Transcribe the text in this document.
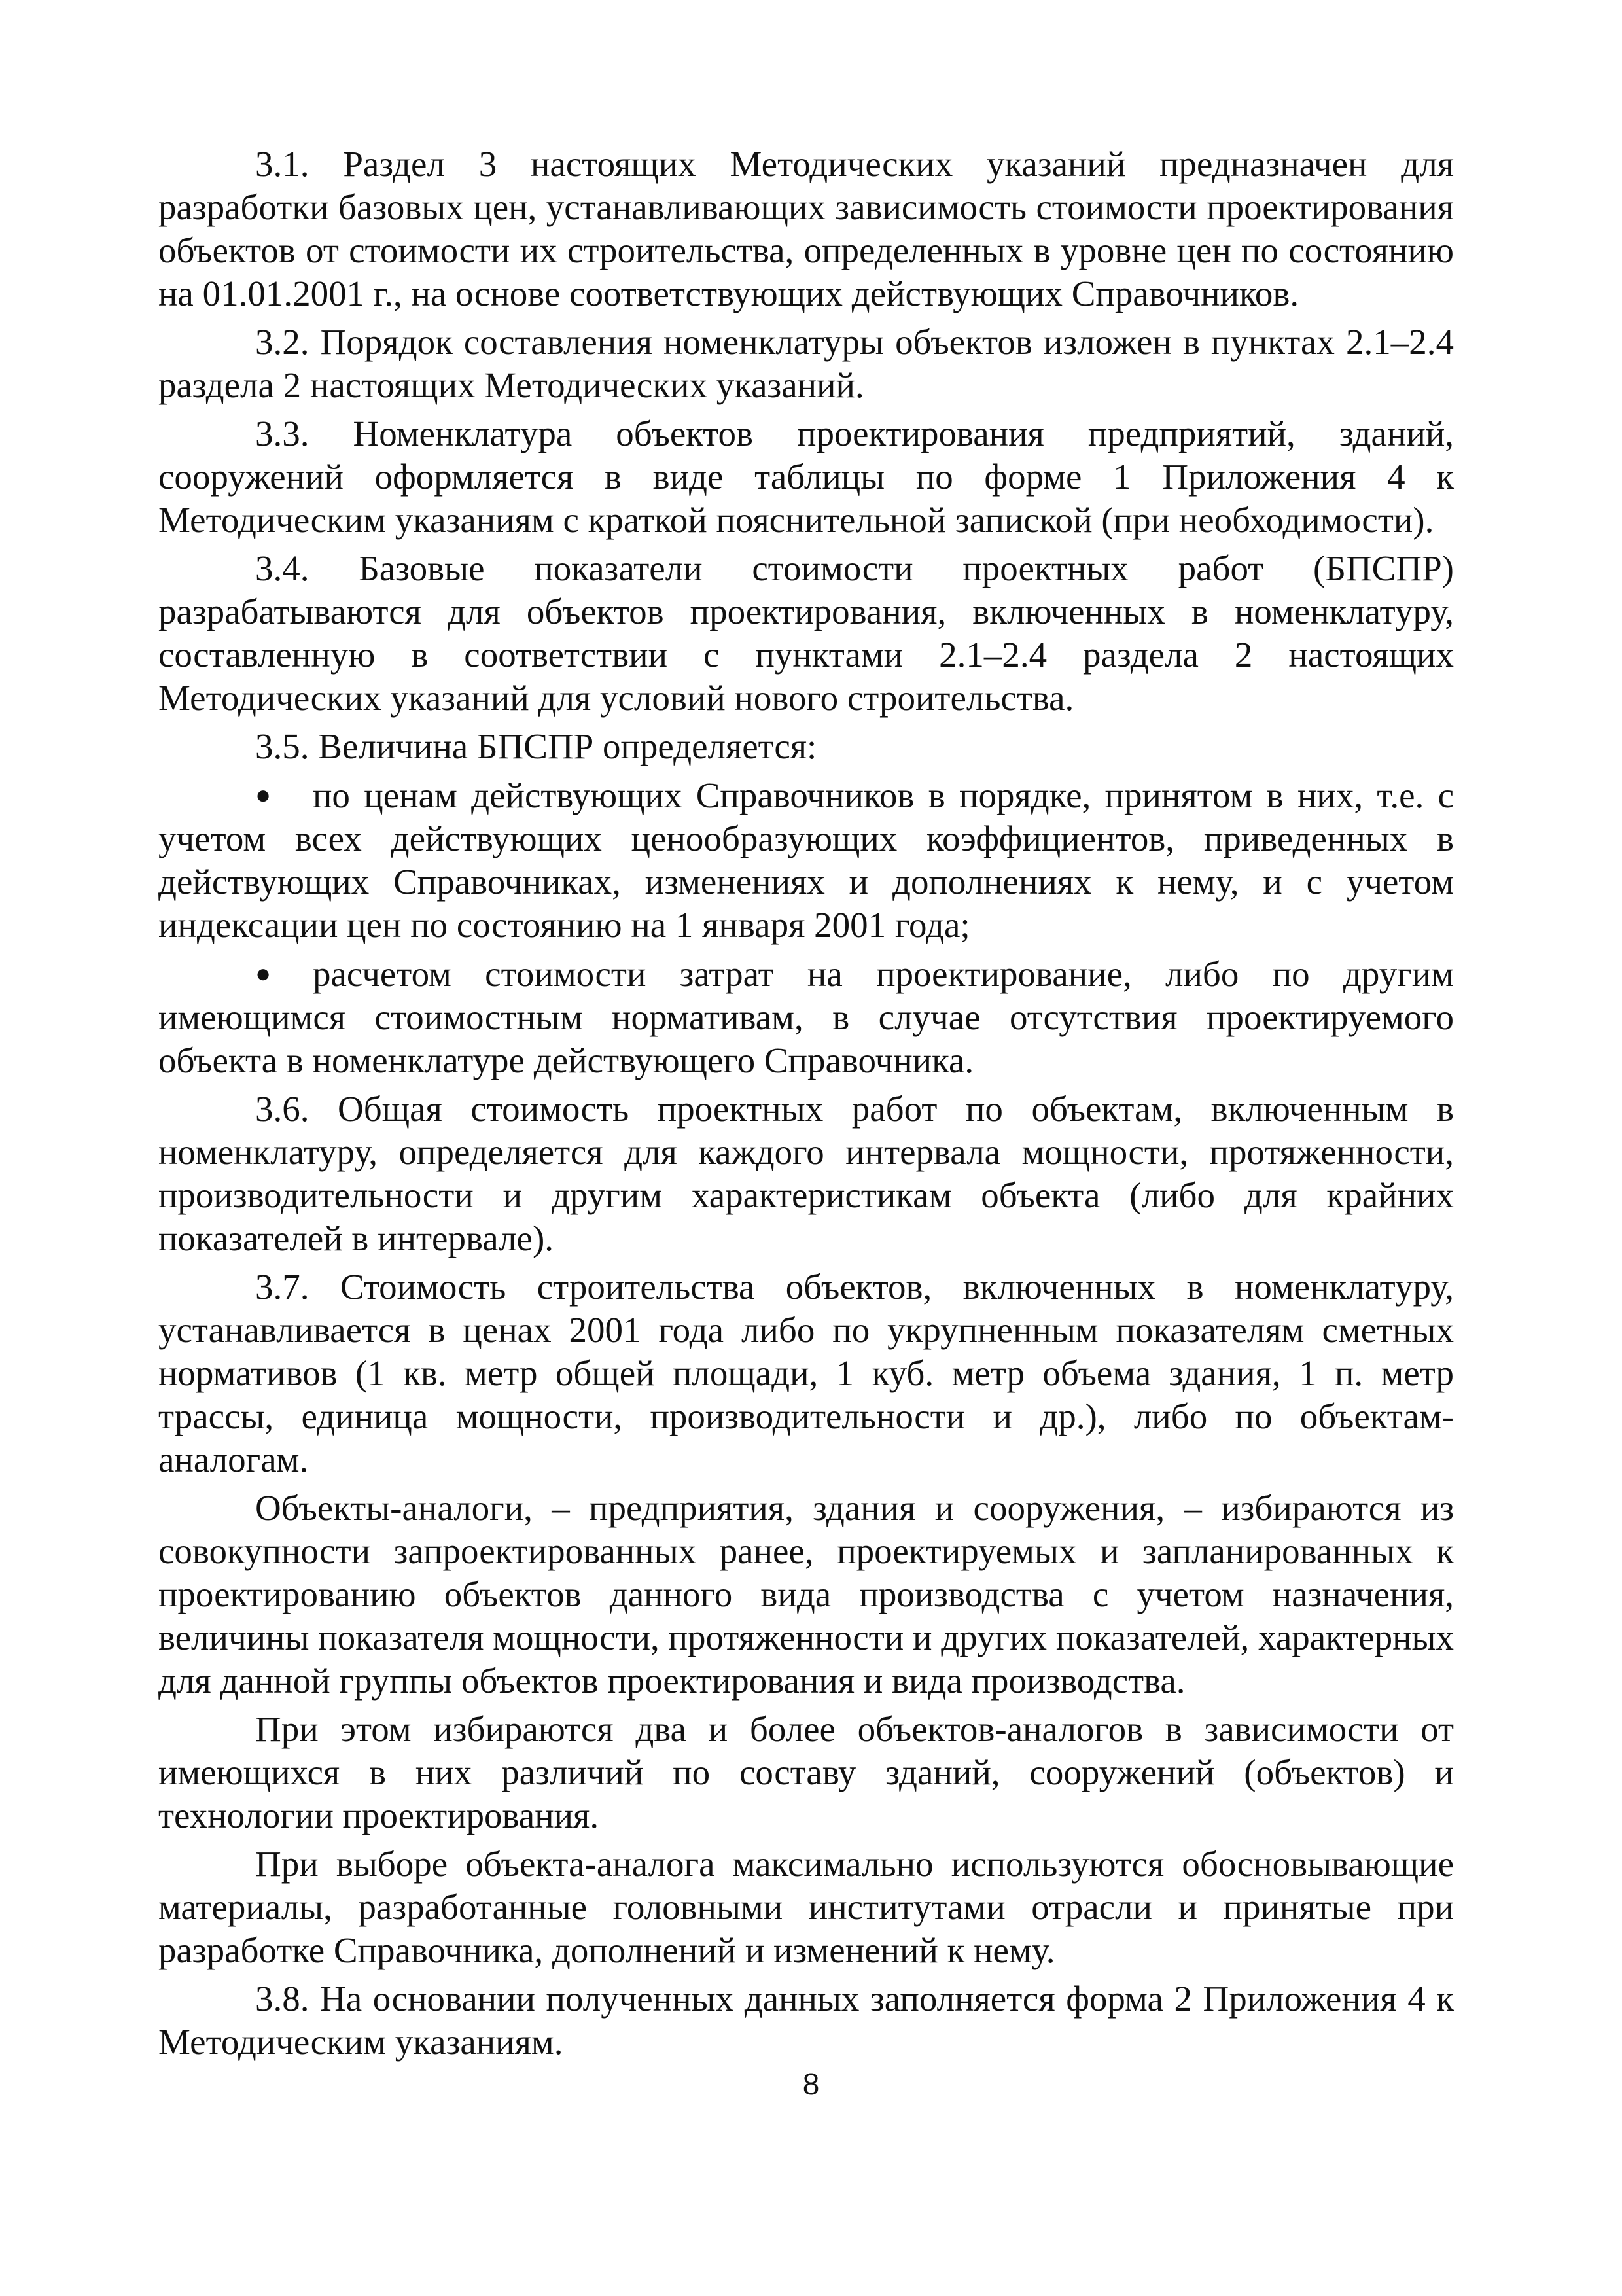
3.1. Раздел 3 настоящих Методических указаний предназначен для разработки базовых цен, устанавливающих зависимость стоимости проектирования объектов от стоимости их строительства, определенных в уровне цен по состоянию на 01.01.2001 г., на основе соответствующих действующих Справочников.

3.2. Порядок составления номенклатуры объектов изложен в пунктах 2.1–2.4 раздела 2 настоящих Методических указаний.

3.3. Номенклатура объектов проектирования предприятий, зданий, сооружений оформляется в виде таблицы по форме 1 Приложения 4 к Методическим указаниям с краткой пояснительной запиской (при необходимости).

3.4. Базовые показатели стоимости проектных работ (БПСПР) разрабатываются для объектов проектирования, включенных в номенклатуру, составленную в соответствии с пунктами 2.1–2.4 раздела 2 настоящих Методических указаний для условий нового строительства.

3.5. Величина БПСПР определяется:

● по ценам действующих Справочников в порядке, принятом в них, т.е. с учетом всех действующих ценообразующих коэффициентов, приведенных в действующих Справочниках, изменениях и дополнениях к нему, и с учетом индексации цен по состоянию на 1 января 2001 года;

● расчетом стоимости затрат на проектирование, либо по другим имеющимся стоимостным нормативам, в случае отсутствия проектируемого объекта в номенклатуре действующего Справочника.

3.6. Общая стоимость проектных работ по объектам, включенным в номенклатуру, определяется для каждого интервала мощности, протяженности, производительности и другим характеристикам объекта (либо для крайних показателей в интервале).

3.7. Стоимость строительства объектов, включенных в номенклатуру, устанавливается в ценах 2001 года либо по укрупненным показателям сметных нормативов (1 кв. метр общей площади, 1 куб. метр объема здания, 1 п. метр трассы, единица мощности, производительности и др.), либо по объектам-аналогам.

Объекты-аналоги, – предприятия, здания и сооружения, – избираются из совокупности запроектированных ранее, проектируемых и запланированных к проектированию объектов данного вида производства с учетом назначения, величины показателя мощности, протяженности и других показателей, характерных для данной группы объектов проектирования и вида производства.

При этом избираются два и более объектов-аналогов в зависимости от имеющихся в них различий по составу зданий, сооружений (объектов) и технологии проектирования.

При выборе объекта-аналога максимально используются обосновывающие материалы, разработанные головными институтами отрасли и принятые при разработке Справочника, дополнений и изменений к нему.

3.8. На основании полученных данных заполняется форма 2 Приложения 4 к Методическим указаниям.

8
